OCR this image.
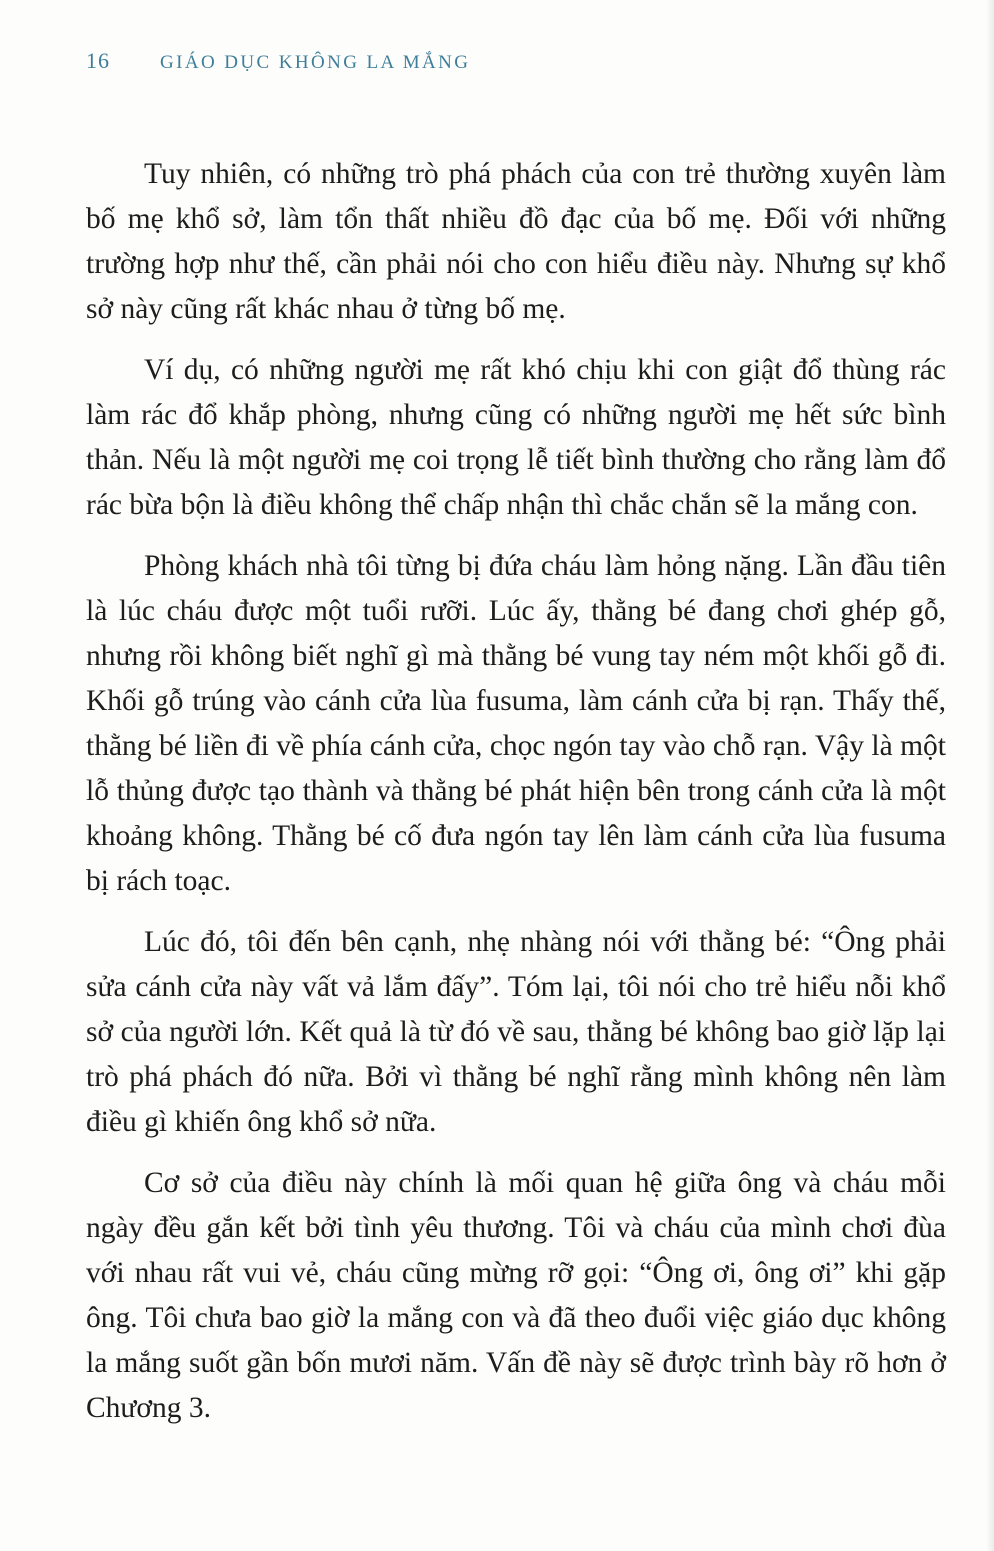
16	GIÁO DỤC KHÔNG LA MẮNG

Tuy nhiên, có những trò phá phách của con trẻ thường xuyên làm bố mẹ khổ sở, làm tổn thất nhiều đồ đạc của bố mẹ. Đối với những trường hợp như thế, cần phải nói cho con hiểu điều này. Nhưng sự khổ sở này cũng rất khác nhau ở từng bố mẹ.

Ví dụ, có những người mẹ rất khó chịu khi con giật đổ thùng rác làm rác đổ khắp phòng, nhưng cũng có những người mẹ hết sức bình thản. Nếu là một người mẹ coi trọng lễ tiết bình thường cho rằng làm đổ rác bừa bộn là điều không thể chấp nhận thì chắc chắn sẽ la mắng con.

Phòng khách nhà tôi từng bị đứa cháu làm hỏng nặng. Lần đầu tiên là lúc cháu được một tuổi rưỡi. Lúc ấy, thằng bé đang chơi ghép gỗ, nhưng rồi không biết nghĩ gì mà thằng bé vung tay ném một khối gỗ đi. Khối gỗ trúng vào cánh cửa lùa fusuma, làm cánh cửa bị rạn. Thấy thế, thằng bé liền đi về phía cánh cửa, chọc ngón tay vào chỗ rạn. Vậy là một lỗ thủng được tạo thành và thằng bé phát hiện bên trong cánh cửa là một khoảng không. Thằng bé cố đưa ngón tay lên làm cánh cửa lùa fusuma bị rách toạc.

Lúc đó, tôi đến bên cạnh, nhẹ nhàng nói với thằng bé: “Ông phải sửa cánh cửa này vất vả lắm đấy”. Tóm lại, tôi nói cho trẻ hiểu nỗi khổ sở của người lớn. Kết quả là từ đó về sau, thằng bé không bao giờ lặp lại trò phá phách đó nữa. Bởi vì thằng bé nghĩ rằng mình không nên làm điều gì khiến ông khổ sở nữa.

Cơ sở của điều này chính là mối quan hệ giữa ông và cháu mỗi ngày đều gắn kết bởi tình yêu thương. Tôi và cháu của mình chơi đùa với nhau rất vui vẻ, cháu cũng mừng rỡ gọi: “Ông ơi, ông ơi” khi gặp ông. Tôi chưa bao giờ la mắng con và đã theo đuổi việc giáo dục không la mắng suốt gần bốn mươi năm. Vấn đề này sẽ được trình bày rõ hơn ở Chương 3.
